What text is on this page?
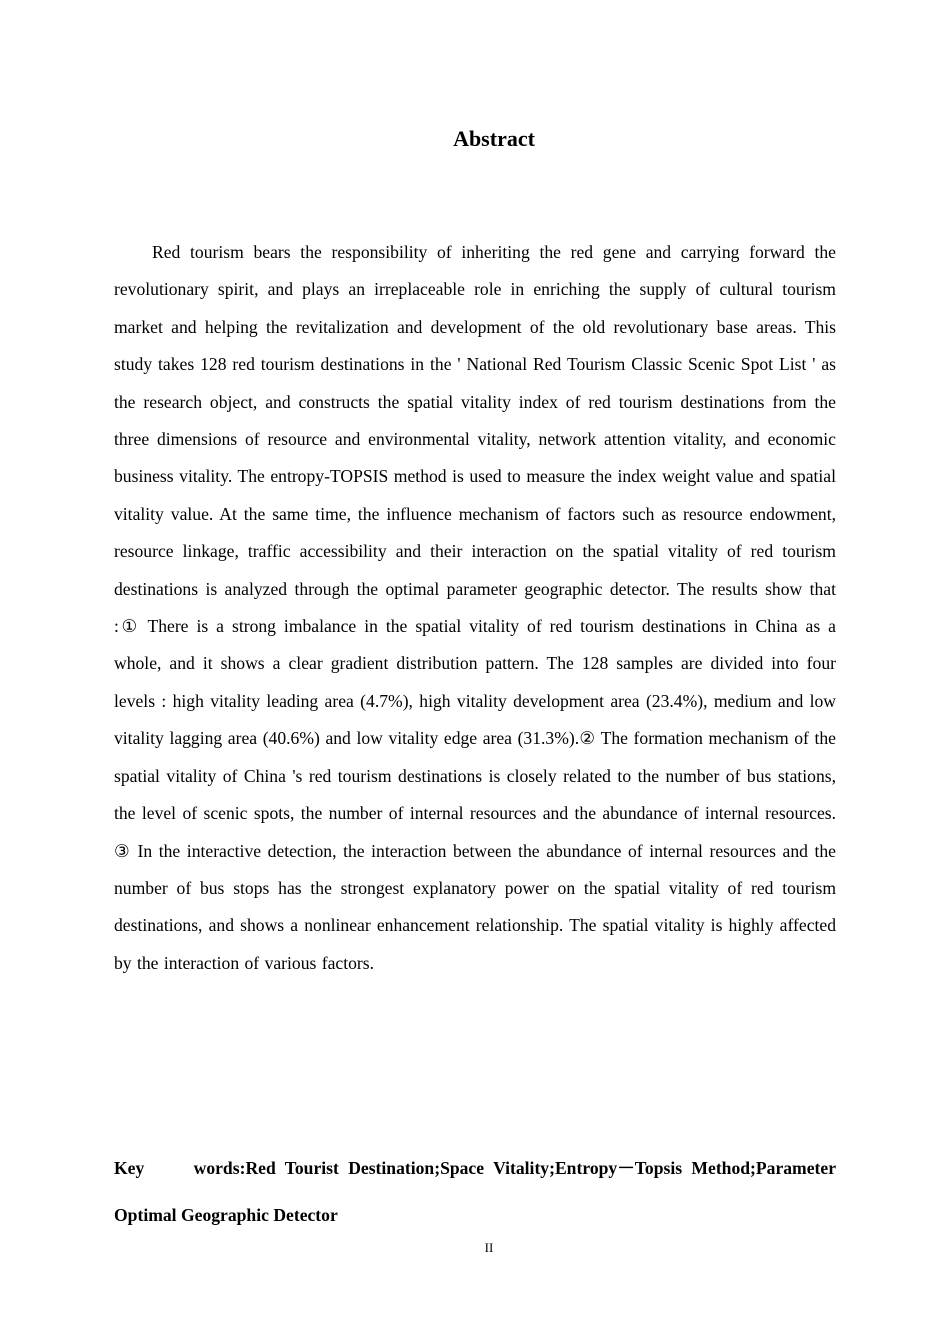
Abstract
Red tourism bears the responsibility of inheriting the red gene and carrying forward the revolutionary spirit, and plays an irreplaceable role in enriching the supply of cultural tourism market and helping the revitalization and development of the old revolutionary base areas. This study takes 128 red tourism destinations in the ' National Red Tourism Classic Scenic Spot List ' as the research object, and constructs the spatial vitality index of red tourism destinations from the three dimensions of resource and environmental vitality, network attention vitality, and economic business vitality. The entropy-TOPSIS method is used to measure the index weight value and spatial vitality value. At the same time, the influence mechanism of factors such as resource endowment, resource linkage, traffic accessibility and their interaction on the spatial vitality of red tourism destinations is analyzed through the optimal parameter geographic detector. The results show that :① There is a strong imbalance in the spatial vitality of red tourism destinations in China as a whole, and it shows a clear gradient distribution pattern. The 128 samples are divided into four levels : high vitality leading area (4.7%), high vitality development area (23.4%), medium and low vitality lagging area (40.6%) and low vitality edge area (31.3%).② The formation mechanism of the spatial vitality of China 's red tourism destinations is closely related to the number of bus stations, the level of scenic spots, the number of internal resources and the abundance of internal resources. ③ In the interactive detection, the interaction between the abundance of internal resources and the number of bus stops has the strongest explanatory power on the spatial vitality of red tourism destinations, and shows a nonlinear enhancement relationship. The spatial vitality is highly affected by the interaction of various factors.
Key words:Red Tourist Destination;Space Vitality;Entropy－Topsis Method;Parameter Optimal Geographic Detector
II
